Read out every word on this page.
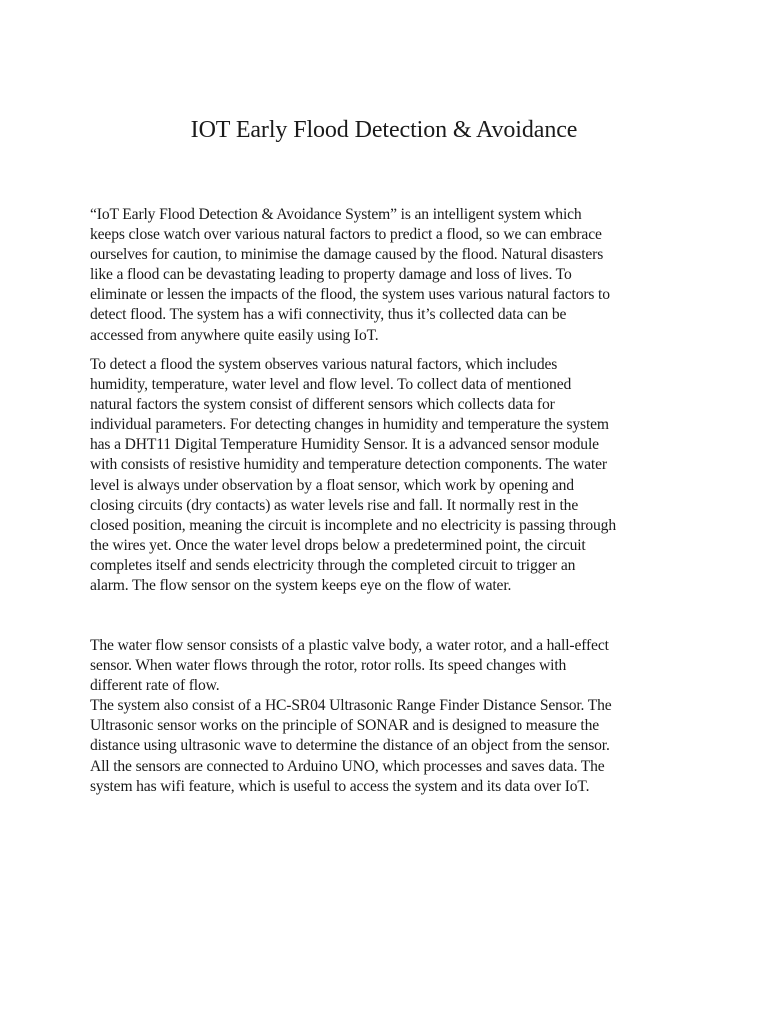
IOT Early Flood Detection & Avoidance
“IoT Early Flood Detection & Avoidance System” is an intelligent system which
keeps close watch over various natural factors to predict a flood, so we can embrace
ourselves for caution, to minimise the damage caused by the flood. Natural disasters
like a flood can be devastating leading to property damage and loss of lives. To
eliminate or lessen the impacts of the flood, the system uses various natural factors to
detect flood. The system has a wifi connectivity, thus it’s collected data can be
accessed from anywhere quite easily using IoT.
To detect a flood the system observes various natural factors, which includes
humidity, temperature, water level and flow level. To collect data of mentioned
natural factors the system consist of different sensors which collects data for
individual parameters. For detecting changes in humidity and temperature the system
has a DHT11 Digital Temperature Humidity Sensor. It is a advanced sensor module
with consists of resistive humidity and temperature detection components. The water
level is always under observation by a float sensor, which work by opening and
closing circuits (dry contacts) as water levels rise and fall. It normally rest in the
closed position, meaning the circuit is incomplete and no electricity is passing through
the wires yet. Once the water level drops below a predetermined point, the circuit
completes itself and sends electricity through the completed circuit to trigger an
alarm. The flow sensor on the system keeps eye on the flow of water.
The water flow sensor consists of a plastic valve body, a water rotor, and a hall-effect
sensor. When water flows through the rotor, rotor rolls. Its speed changes with
different rate of flow.
The system also consist of a HC-SR04 Ultrasonic Range Finder Distance Sensor. The
Ultrasonic sensor works on the principle of SONAR and is designed to measure the
distance using ultrasonic wave to determine the distance of an object from the sensor.
All the sensors are connected to Arduino UNO, which processes and saves data. The
system has wifi feature, which is useful to access the system and its data over IoT.
